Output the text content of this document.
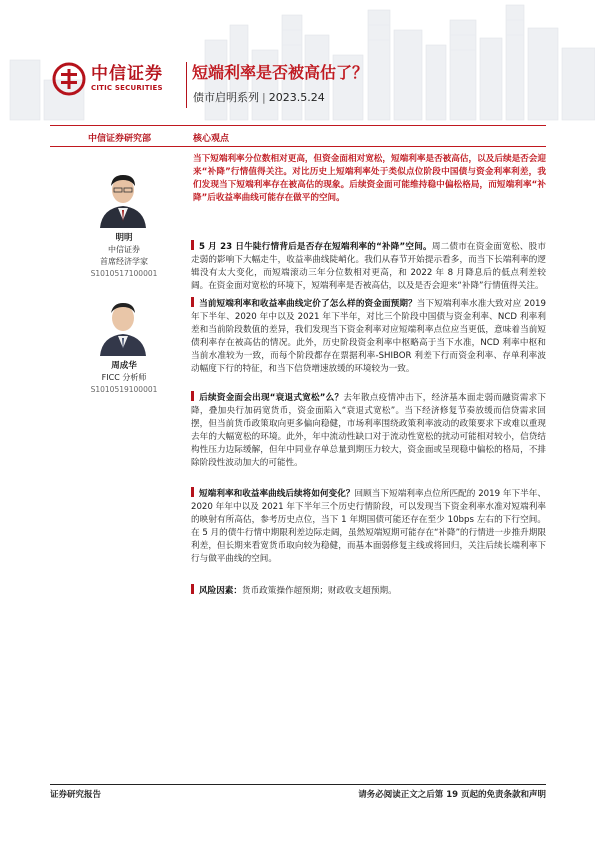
中信证券
CITIC SECURITIES
短端利率是否被高估了？
债市启明系列 | 2023.5.24
中信证券研究部	核心观点
明明
中信证券
首席经济学家
S1010517100001
周成华
FICC 分析师
S1010519100001
当下短端利率分位数相对更高，但资金面相对宽松，短端利率是否被高估，以及后续是否会迎来“补降”行情值得关注。对比历史上短端利率处于类似点位阶段中国债与资金利率利差，我们发现当下短端利率存在被高估的现象。后续资金面可能维持稳中偏松格局，而短端利率“补降”后收益率曲线可能存在做平的空间。
5 月 23 日牛陡行情背后是否存在短端利率的“补降”空间。周二债市在资金面宽松、股市走弱的影响下大幅走牛，收益率曲线陡峭化。我们从春节开始提示看多，而当下长端利率的逻辑没有太大变化，而短端滚动三年分位数相对更高，和 2022 年 8 月降息后的低点利差较阔。在资金面对宽松的环境下，短端利率是否被高估，以及是否会迎来“补降”行情值得关注。
当前短端利率和收益率曲线定价了怎么样的资金面预期？当下短端利率水准大致对应 2019 年下半年、2020 年中以及 2021 年下半年，对比三个阶段中国债与资金利率、NCD 利率利差和当前阶段数值的差异，我们发现当下资金利率对应短端利率点位应当更低，意味着当前短债利率存在被高估的情况。此外，历史阶段资金利率中枢略高于当下水准，NCD 利率中枢和当前水准较为一致，而每个阶段都存在票据利率-SHIBOR 利差下行而资金利率、存单利率波动幅度下行的特征，和当下信贷增速放缓的环境较为一致。
后续资金面会出现“衰退式宽松”么？去年散点疫情冲击下，经济基本面走弱而融资需求下降，叠加央行加码宽货币，资金面陷入“衰退式宽松”。当下经济修复节奏放缓而信贷需求回摆，但当前货币政策取向更多偏向稳健，市场利率围绕政策利率波动的政策要求下或难以重现去年的大幅宽松的环境。此外，年中流动性缺口对于流动性宽松的扰动可能相对较小，信贷结构性压力边际缓解，但年中同业存单总量到期压力较大，资金面或呈现稳中偏松的格局，不排除阶段性波动加大的可能性。
短端利率和收益率曲线后续将如何变化？回顾当下短端利率点位所匹配的 2019 年下半年、2020 年年中以及 2021 年下半年三个历史行情阶段，可以发现当下资金利率水准对短端利率的映射有所高估，参考历史点位，当下 1 年期国债可能还存在至少 10bps 左右的下行空间。在 5 月的债牛行情中期限利差边际走阔，虽然短端短期可能存在“补降”的行情进一步推升期限利差，但长期来看宽货币取向较为稳健，而基本面弱修复主线或将回归，关注后续长端利率下行与做平曲线的空间。
风险因素：货币政策操作超预期；财政收支超预期。
证券研究报告	请务必阅读正文之后第 19 页起的免责条款和声明
